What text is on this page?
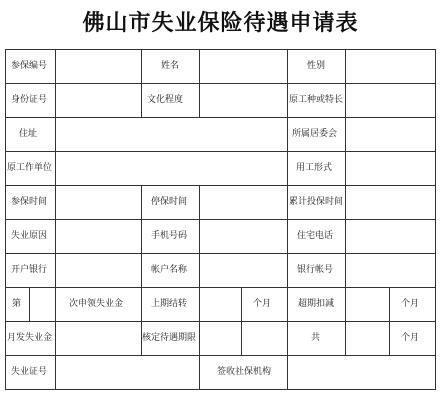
佛山市失业保险待遇申请表
参保编号	姓名	性别
身份证号	文化程度	原工种或特长
住址	所属居委会
原工作单位	用工形式
参保时间	停保时间	累计投保时间
失业原因	手机号码	住宅电话
开户银行	帐户名称	银行帐号
第	次申领失业金	上期结转	个月	超期扣减	个月
月发失业金	核定待遇期限	共	个月
失业证号	签收社保机构
